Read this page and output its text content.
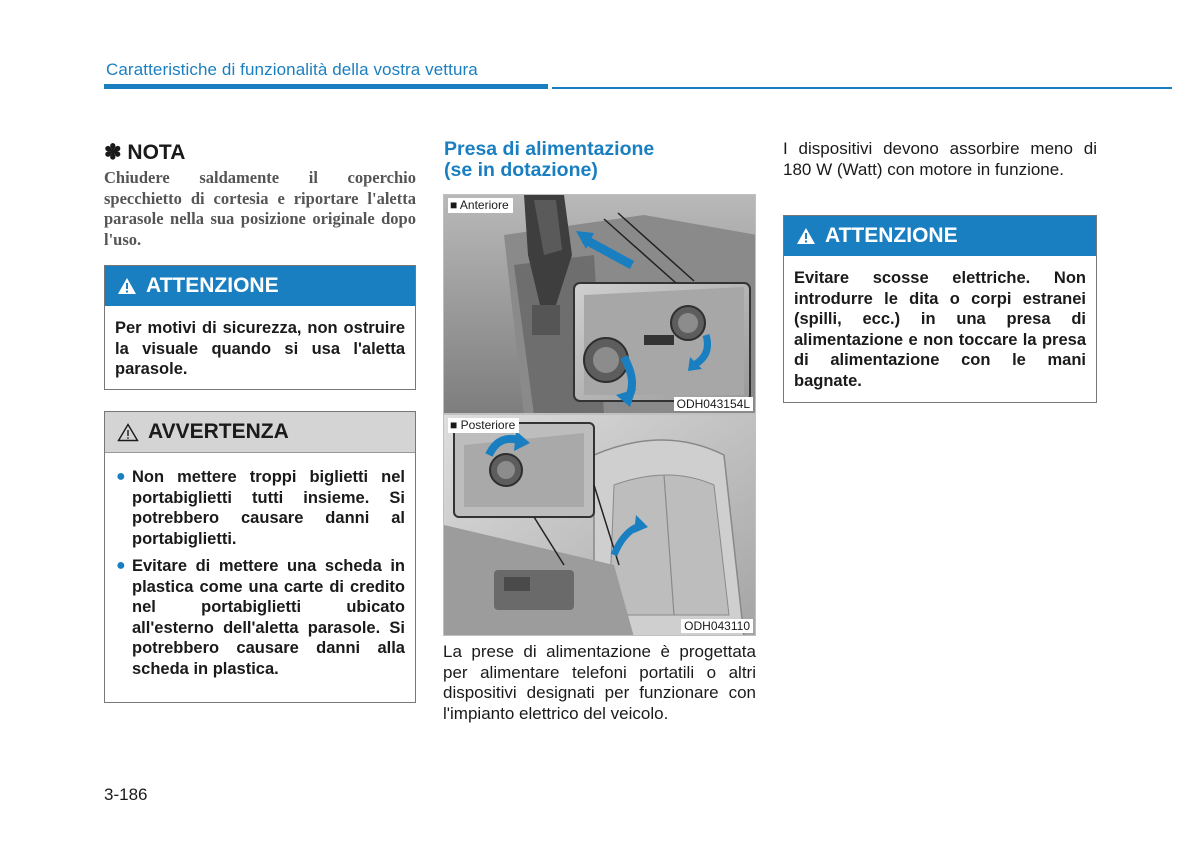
Caratteristiche di funzionalità della vostra vettura
✽ NOTA
Chiudere saldamente il coperchio specchietto di cortesia e riportare l'aletta parasole nella sua posizione originale dopo l'uso.
ATTENZIONE
Per motivi di sicurezza, non ostruire la visuale quando si usa l'aletta parasole.
AVVERTENZA
● Non mettere troppi biglietti nel portabiglietti tutti insieme. Si potrebbero causare danni al portabiglietti.
● Evitare di mettere una scheda in plastica come una carte di credito nel portabiglietti ubicato all'esterno dell'aletta parasole. Si potrebbero causare danni alla scheda in plastica.
Presa di alimentazione
(se in dotazione)
■ Anteriore
ODH043154L
■ Posteriore
ODH043110
La prese di alimentazione è progettata per alimentare telefoni portatili o altri dispositivi designati per funzionare con l'impianto elettrico del veicolo.
I dispositivi devono assorbire meno di 180 W (Watt) con motore in funzione.
ATTENZIONE
Evitare scosse elettriche. Non introdurre le dita o corpi estranei (spilli, ecc.) in una presa di alimentazione e non toccare la presa di alimentazione con le mani bagnate.
3-186
